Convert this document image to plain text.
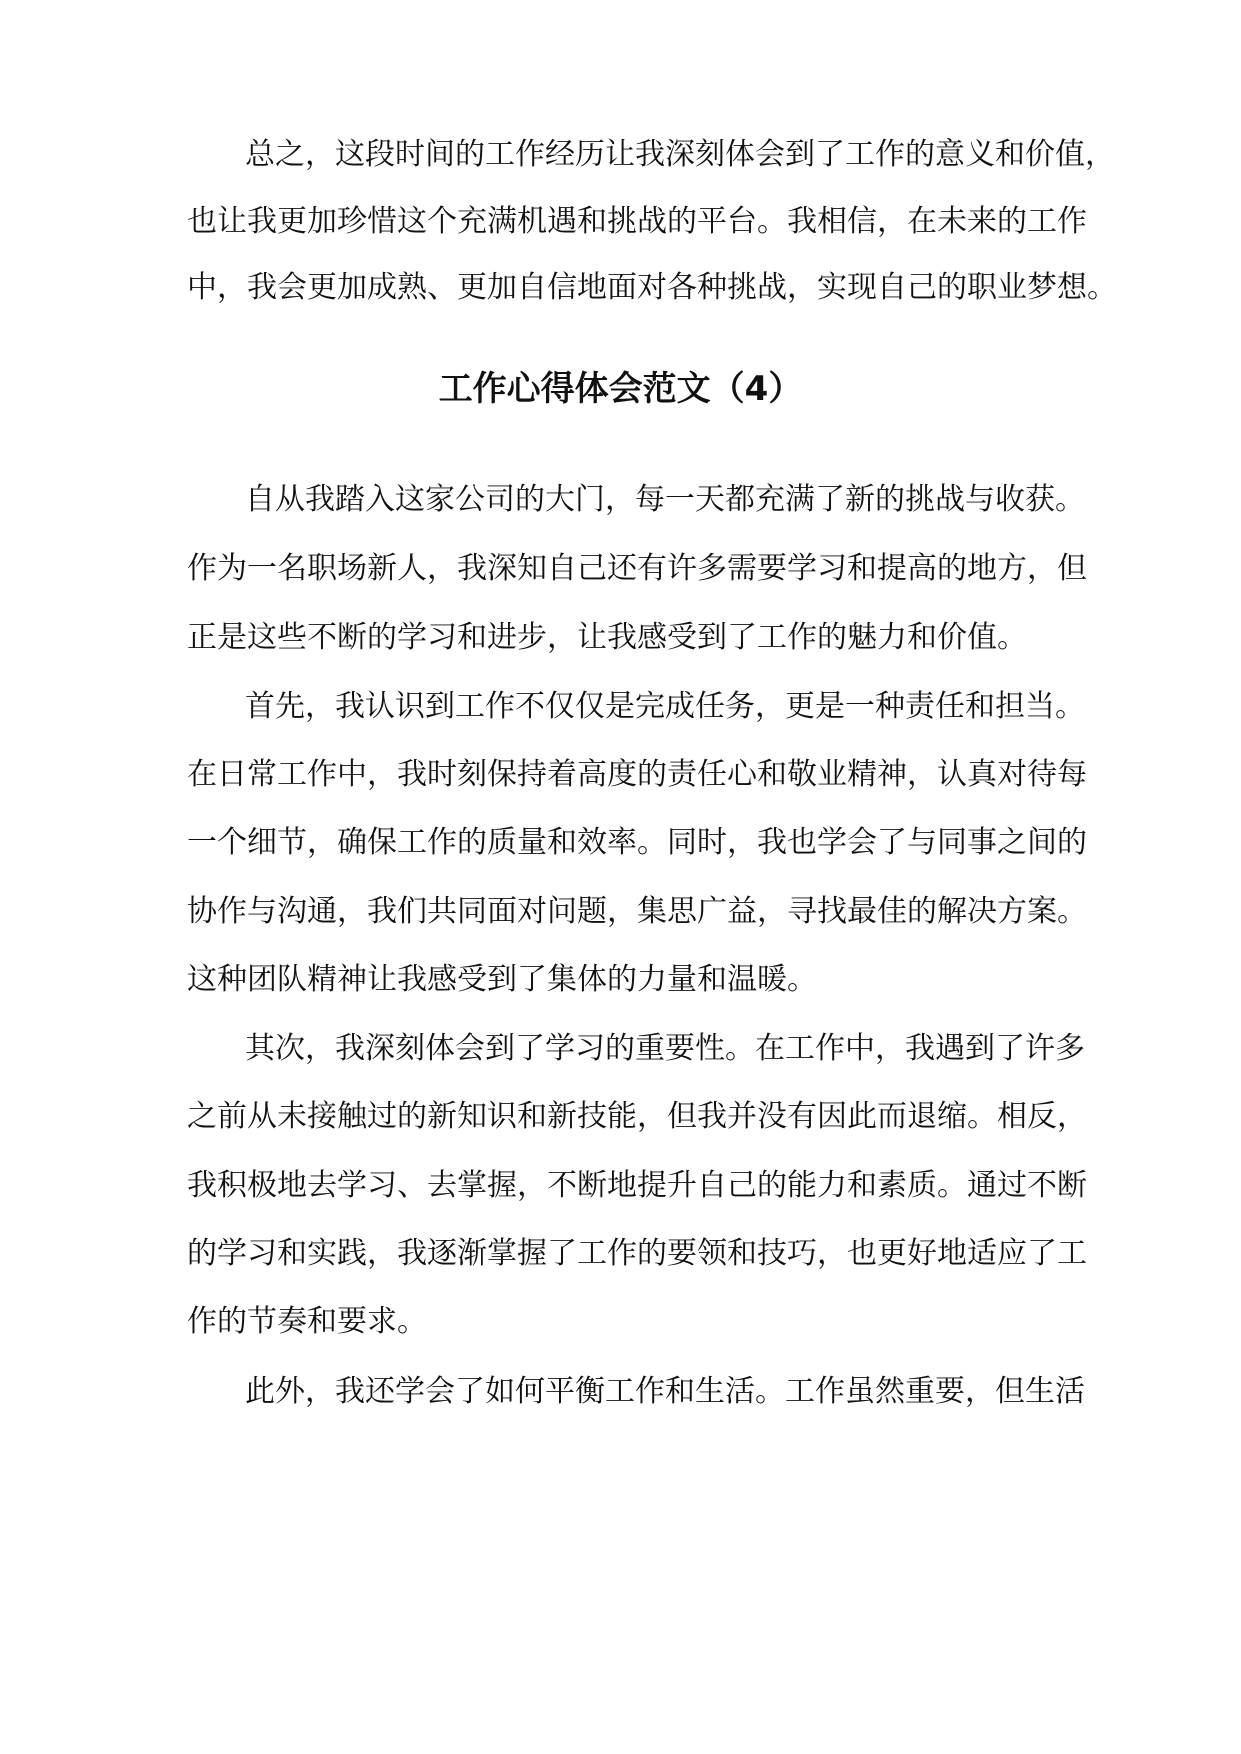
总之，这段时间的工作经历让我深刻体会到了工作的意义和价值，
也让我更加珍惜这个充满机遇和挑战的平台。我相信，在未来的工作
中，我会更加成熟、更加自信地面对各种挑战，实现自己的职业梦想。
工作心得体会范文（4）
自从我踏入这家公司的大门，每一天都充满了新的挑战与收获。
作为一名职场新人，我深知自己还有许多需要学习和提高的地方，但
正是这些不断的学习和进步，让我感受到了工作的魅力和价值。
首先，我认识到工作不仅仅是完成任务，更是一种责任和担当。
在日常工作中，我时刻保持着高度的责任心和敬业精神，认真对待每
一个细节，确保工作的质量和效率。同时，我也学会了与同事之间的
协作与沟通，我们共同面对问题，集思广益，寻找最佳的解决方案。
这种团队精神让我感受到了集体的力量和温暖。
其次，我深刻体会到了学习的重要性。在工作中，我遇到了许多
之前从未接触过的新知识和新技能，但我并没有因此而退缩。相反，
我积极地去学习、去掌握，不断地提升自己的能力和素质。通过不断
的学习和实践，我逐渐掌握了工作的要领和技巧，也更好地适应了工
作的节奏和要求。
此外，我还学会了如何平衡工作和生活。工作虽然重要，但生活
